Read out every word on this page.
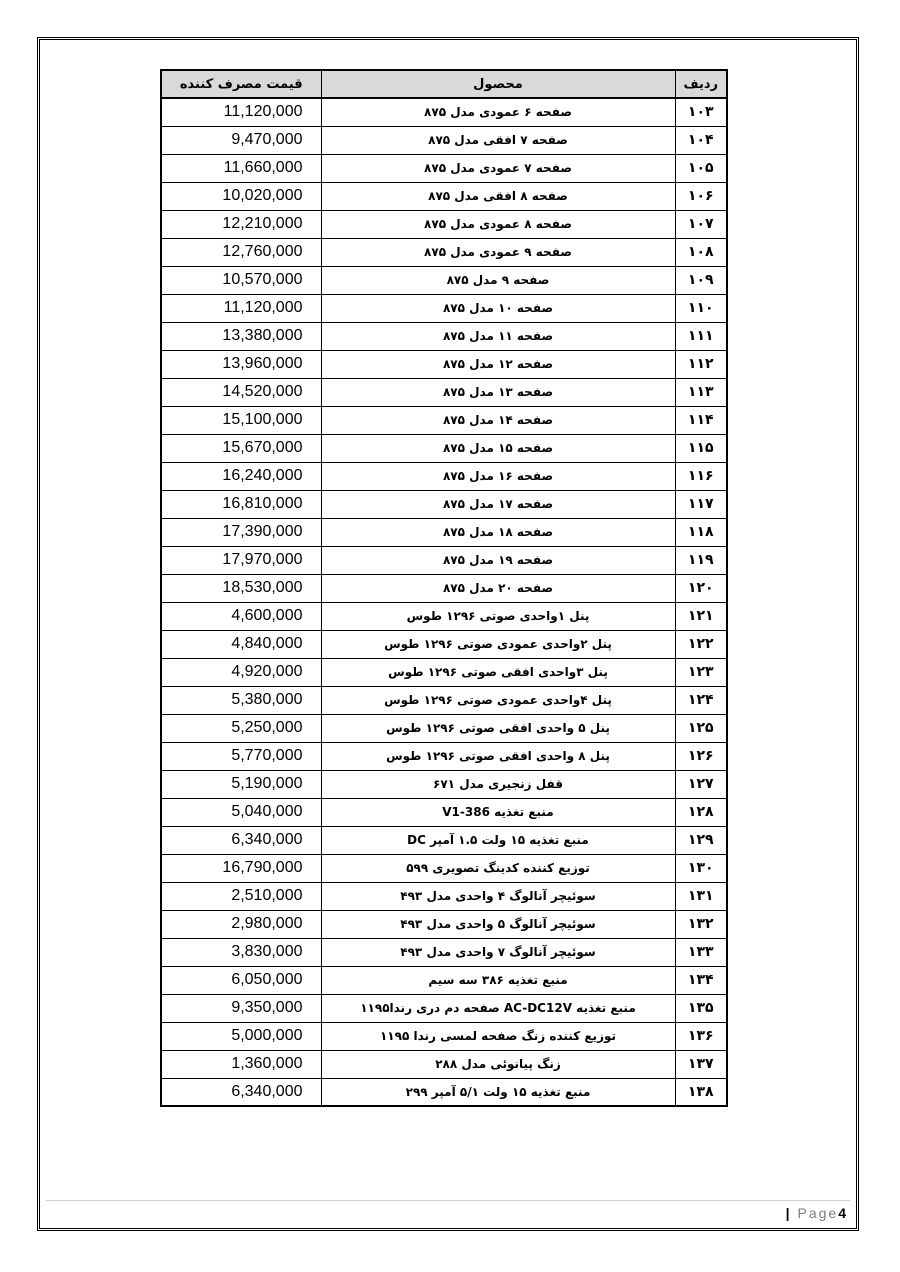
قیمت مصرف کننده	محصول	ردیف
11,120,000	صفحه ۶ عمودی مدل ۸۷۵	۱۰۳
9,470,000	صفحه ۷ افقی مدل ۸۷۵	۱۰۴
11,660,000	صفحه ۷ عمودی مدل ۸۷۵	۱۰۵
10,020,000	صفحه ۸ افقی مدل ۸۷۵	۱۰۶
12,210,000	صفحه ۸ عمودی مدل ۸۷۵	۱۰۷
12,760,000	صفحه ۹ عمودی مدل ۸۷۵	۱۰۸
10,570,000	صفحه ۹ مدل ۸۷۵	۱۰۹
11,120,000	صفحه ۱۰ مدل ۸۷۵	۱۱۰
13,380,000	صفحه ۱۱ مدل ۸۷۵	۱۱۱
13,960,000	صفحه ۱۲ مدل ۸۷۵	۱۱۲
14,520,000	صفحه ۱۳ مدل ۸۷۵	۱۱۳
15,100,000	صفحه ۱۴ مدل ۸۷۵	۱۱۴
15,670,000	صفحه ۱۵ مدل ۸۷۵	۱۱۵
16,240,000	صفحه ۱۶ مدل ۸۷۵	۱۱۶
16,810,000	صفحه ۱۷ مدل ۸۷۵	۱۱۷
17,390,000	صفحه ۱۸ مدل ۸۷۵	۱۱۸
17,970,000	صفحه ۱۹ مدل ۸۷۵	۱۱۹
18,530,000	صفحه ۲۰ مدل ۸۷۵	۱۲۰
4,600,000	پنل ۱واحدی صوتی ۱۲۹۶ طوس	۱۲۱
4,840,000	پنل ۲واحدی عمودی صوتی ۱۲۹۶ طوس	۱۲۲
4,920,000	پنل ۳واحدی افقی صوتی ۱۲۹۶ طوس	۱۲۳
5,380,000	پنل ۴واحدی عمودی صوتی ۱۲۹۶ طوس	۱۲۴
5,250,000	پنل ۵ واحدی افقی صوتی ۱۲۹۶ طوس	۱۲۵
5,770,000	پنل ۸ واحدی افقی صوتی ۱۲۹۶ طوس	۱۲۶
5,190,000	قفل زنجیری مدل ۶۷۱	۱۲۷
5,040,000	منبع تغذیه V1-386	۱۲۸
6,340,000	منبع تغذیه ۱۵ ولت ۱.۵ آمپر DC	۱۲۹
16,790,000	توزیع کننده کدینگ تصویری ۵۹۹	۱۳۰
2,510,000	سوئیچر آنالوگ ۴ واحدی مدل ۴۹۳	۱۳۱
2,980,000	سوئیچر آنالوگ ۵ واحدی مدل ۴۹۳	۱۳۲
3,830,000	سوئیچر آنالوگ ۷ واحدی مدل ۴۹۳	۱۳۳
6,050,000	منبع تغذیه ۳۸۶ سه سیم	۱۳۴
9,350,000	منبع تغذیه AC-DC12V صفحه دم دری رندا۱۱۹۵	۱۳۵
5,000,000	توزیع کننده زنگ صفحه لمسی رندا ۱۱۹۵	۱۳۶
1,360,000	زنگ پیانوئی مدل ۲۸۸	۱۳۷
6,340,000	منبع تغذیه ۱۵ ولت ۵/۱ آمپر ۲۹۹	۱۳۸
| Page4
